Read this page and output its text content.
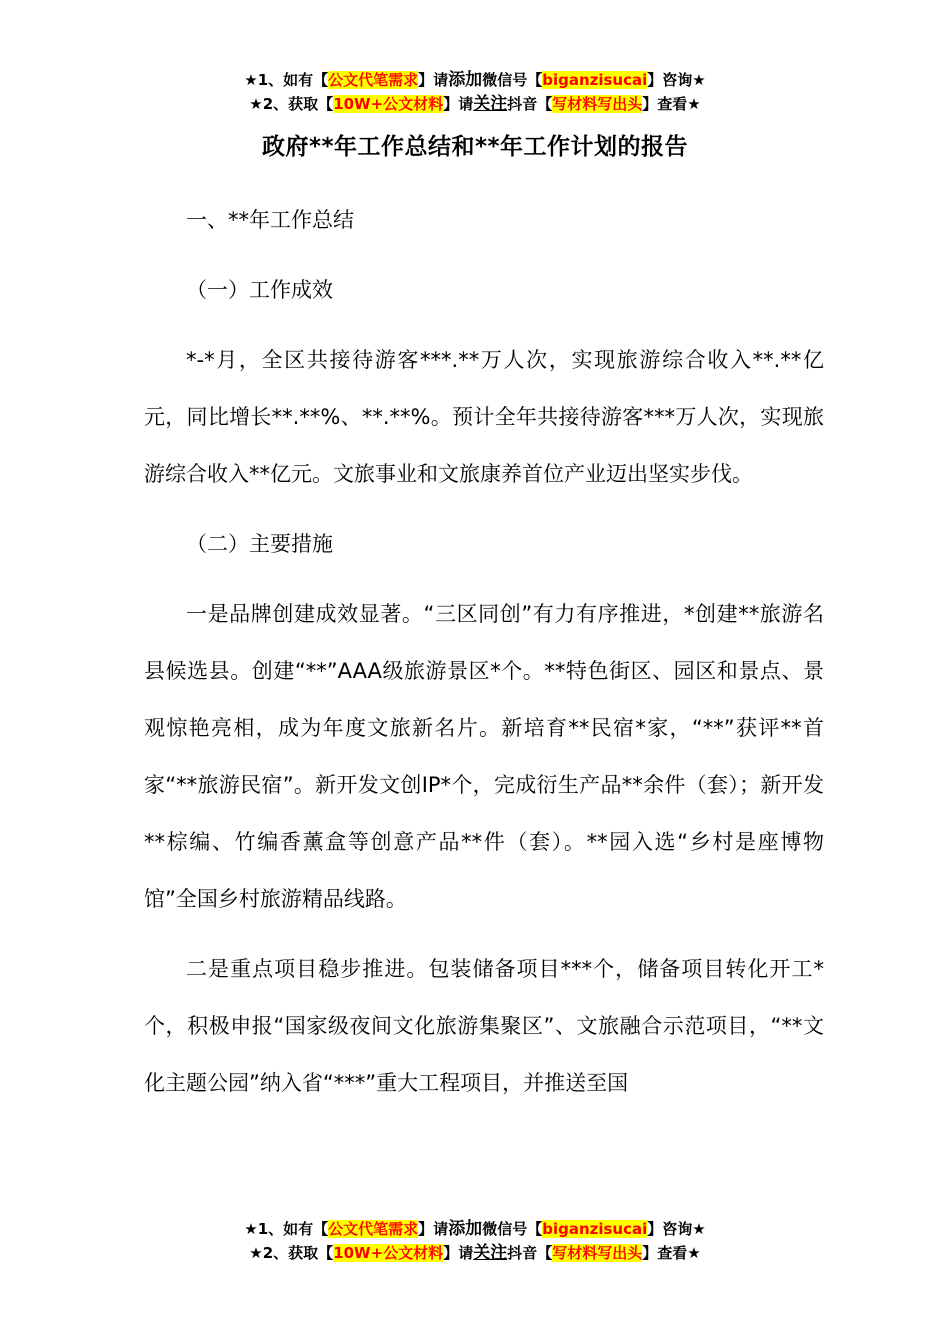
★1、如有【公文代笔需求】请添加微信号【biganzisucai】咨询★
★2、获取【10W+公文材料】请关注抖音【写材料写出头】查看★
政府**年工作总结和**年工作计划的报告

一、**年工作总结

（一）工作成效

*-*月，全区共接待游客***.**万人次，实现旅游综合收入**.**亿元，同比增长**.**%、**.**%。预计全年共接待游客***万人次，实现旅游综合收入**亿元。文旅事业和文旅康养首位产业迈出坚实步伐。

（二）主要措施

一是品牌创建成效显著。“三区同创”有力有序推进，*创建**旅游名县候选县。创建“**”AAA级旅游景区*个。**特色街区、园区和景点、景观惊艳亮相，成为年度文旅新名片。新培育**民宿*家，“**”获评**首家“**旅游民宿”。新开发文创IP*个，完成衍生产品**余件（套）；新开发**棕编、竹编香薰盒等创意产品**件（套）。**园入选“乡村是座博物馆”全国乡村旅游精品线路。

二是重点项目稳步推进。包装储备项目***个，储备项目转化开工*个，积极申报“国家级夜间文化旅游集聚区”、文旅融合示范项目，“**文化主题公园”纳入省“***”重大工程项目，并推送至国

★1、如有【公文代笔需求】请添加微信号【biganzisucai】咨询★
★2、获取【10W+公文材料】请关注抖音【写材料写出头】查看★
